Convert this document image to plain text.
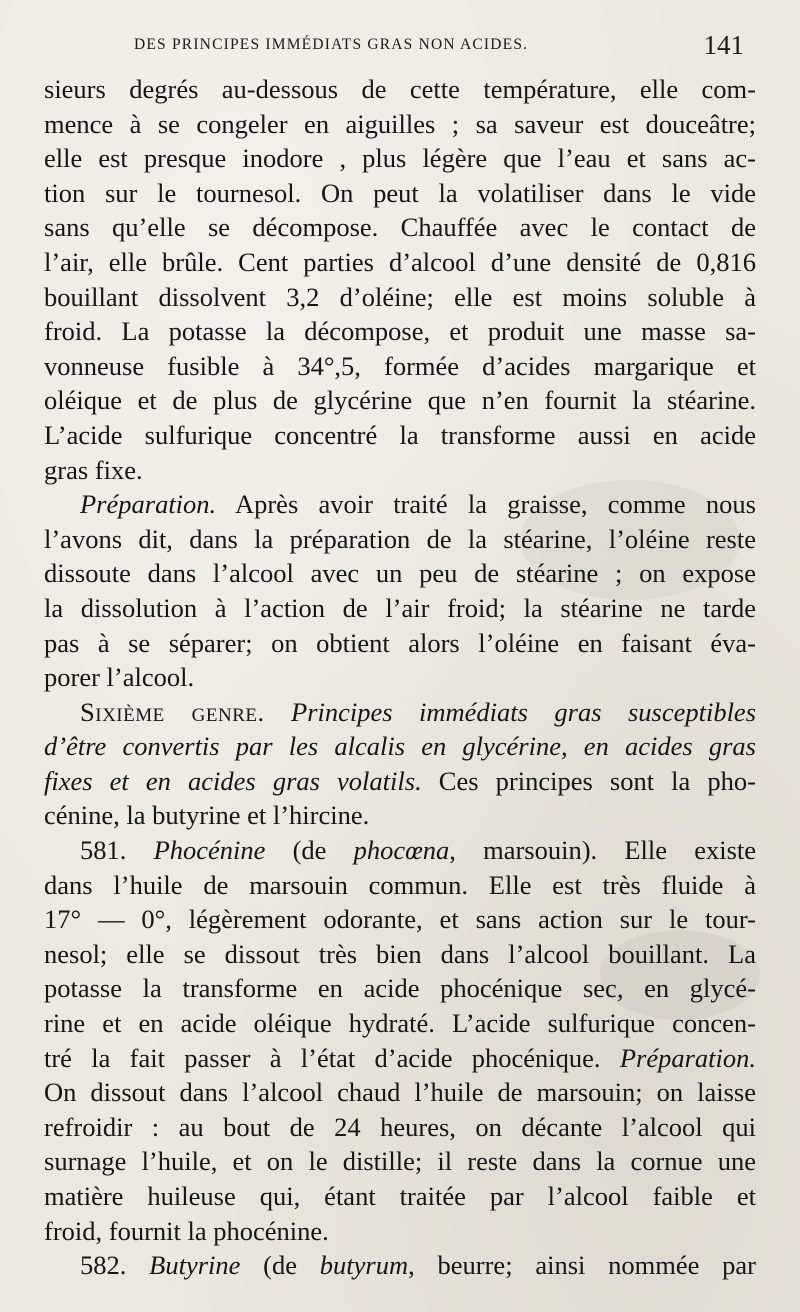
DES PRINCIPES IMMÉDIATS GRAS NON ACIDES.	141
sieurs degrés au-dessous de cette température, elle com-
mence à se congeler en aiguilles ; sa saveur est douceâtre;
elle est presque inodore , plus légère que l’eau et sans ac-
tion sur le tournesol. On peut la volatiliser dans le vide
sans qu’elle se décompose. Chauffée avec le contact de
l’air, elle brûle. Cent parties d’alcool d’une densité de 0,816
bouillant dissolvent 3,2 d’oléine; elle est moins soluble à
froid. La potasse la décompose, et produit une masse sa-
vonneuse fusible à 34°,5, formée d’acides margarique et
oléique et de plus de glycérine que n’en fournit la stéarine.
L’acide sulfurique concentré la transforme aussi en acide
gras fixe.
Préparation. Après avoir traité la graisse, comme nous
l’avons dit, dans la préparation de la stéarine, l’oléine reste
dissoute dans l’alcool avec un peu de stéarine ; on expose
la dissolution à l’action de l’air froid; la stéarine ne tarde
pas à se séparer; on obtient alors l’oléine en faisant éva-
porer l’alcool.
Sixième genre. Principes immédiats gras susceptibles
d’être convertis par les alcalis en glycérine, en acides gras
fixes et en acides gras volatils. Ces principes sont la pho-
cénine, la butyrine et l’hircine.
581. Phocénine (de phocœna, marsouin). Elle existe
dans l’huile de marsouin commun. Elle est très fluide à
17° — 0°, légèrement odorante, et sans action sur le tour-
nesol; elle se dissout très bien dans l’alcool bouillant. La
potasse la transforme en acide phocénique sec, en glycé-
rine et en acide oléique hydraté. L’acide sulfurique concen-
tré la fait passer à l’état d’acide phocénique. Préparation.
On dissout dans l’alcool chaud l’huile de marsouin; on laisse
refroidir : au bout de 24 heures, on décante l’alcool qui
surnage l’huile, et on le distille; il reste dans la cornue une
matière huileuse qui, étant traitée par l’alcool faible et
froid, fournit la phocénine.
582. Butyrine (de butyrum, beurre; ainsi nommée par
